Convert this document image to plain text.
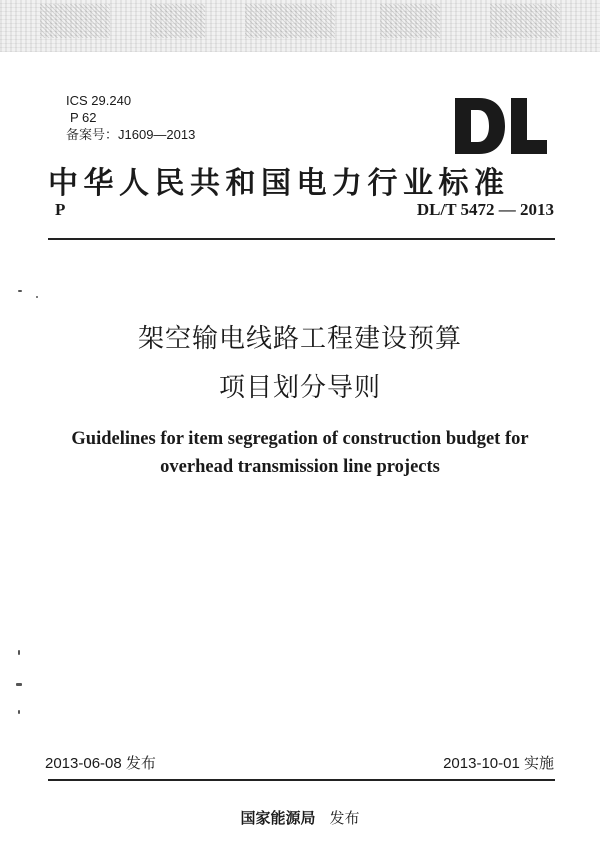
ICS 29.240
P 62
备案号：J1609—2013
中华人民共和国电力行业标准
P	DL/T 5472 — 2013
架空输电线路工程建设预算
项目划分导则
Guidelines for item segregation of construction budget for
overhead transmission line projects
2013-06-08 发布	2013-10-01 实施
国家能源局 发布
